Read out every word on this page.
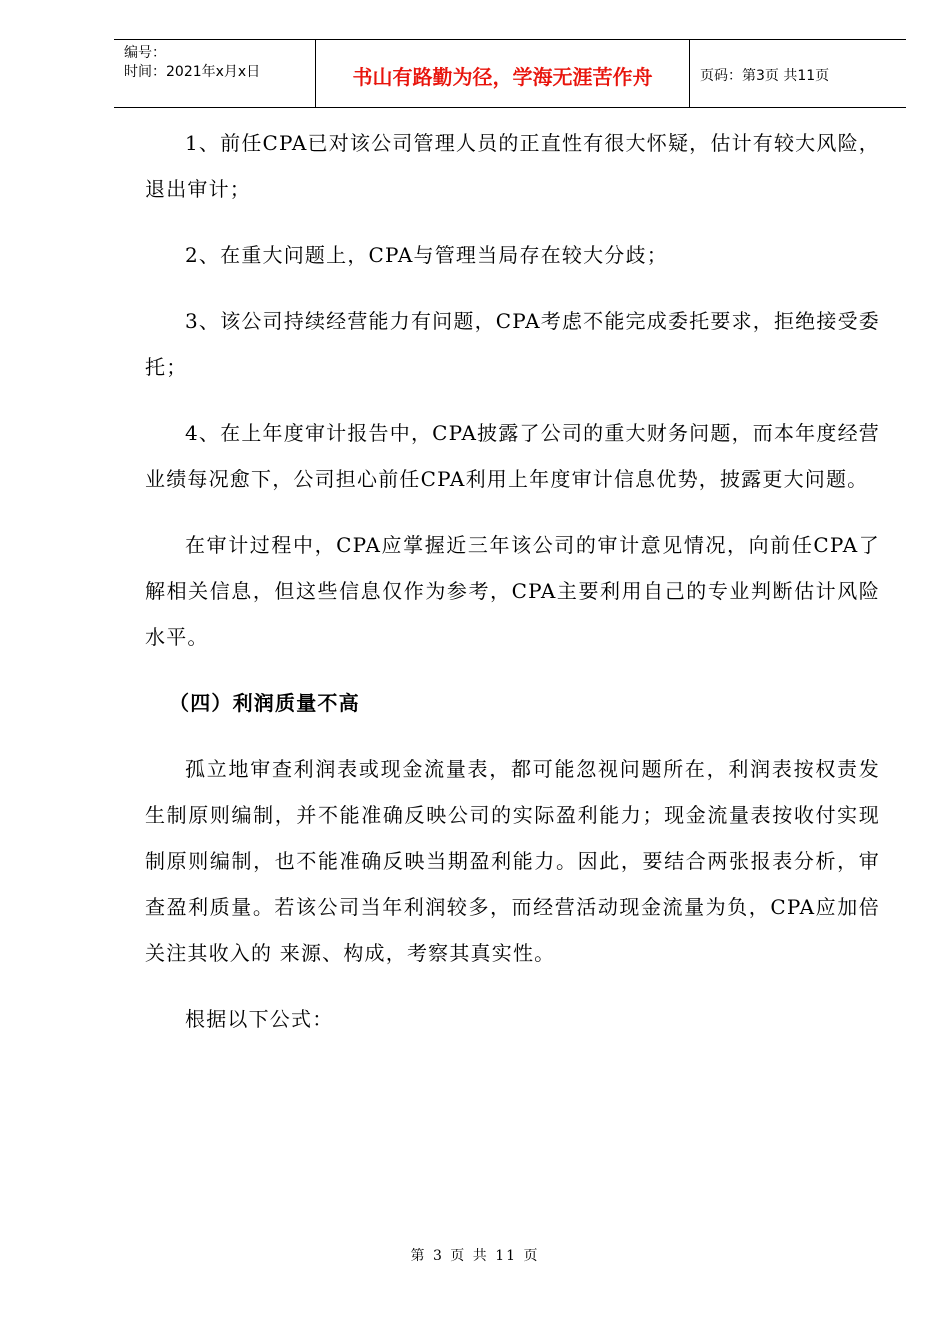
编号：
时间：2021年x月x日	书山有路勤为径，学海无涯苦作舟	页码：第3页 共11页

1、前任CPA已对该公司管理人员的正直性有很大怀疑，估计有较大风险，退出审计；

2、在重大问题上，CPA与管理当局存在较大分歧；

3、该公司持续经营能力有问题，CPA考虑不能完成委托要求，拒绝接受委托；

4、在上年度审计报告中，CPA披露了公司的重大财务问题，而本年度经营业绩每况愈下，公司担心前任CPA利用上年度审计信息优势，披露更大问题。

在审计过程中，CPA应掌握近三年该公司的审计意见情况，向前任CPA了解相关信息，但这些信息仅作为参考，CPA主要利用自己的专业判断估计风险水平。

（四）利润质量不高

孤立地审查利润表或现金流量表，都可能忽视问题所在，利润表按权责发生制原则编制，并不能准确反映公司的实际盈利能力；现金流量表按收付实现制原则编制，也不能准确反映当期盈利能力。因此，要结合两张报表分析，审查盈利质量。若该公司当年利润较多，而经营活动现金流量为负，CPA应加倍关注其收入的 来源、构成，考察其真实性。

根据以下公式：

第 3 页 共 11 页
